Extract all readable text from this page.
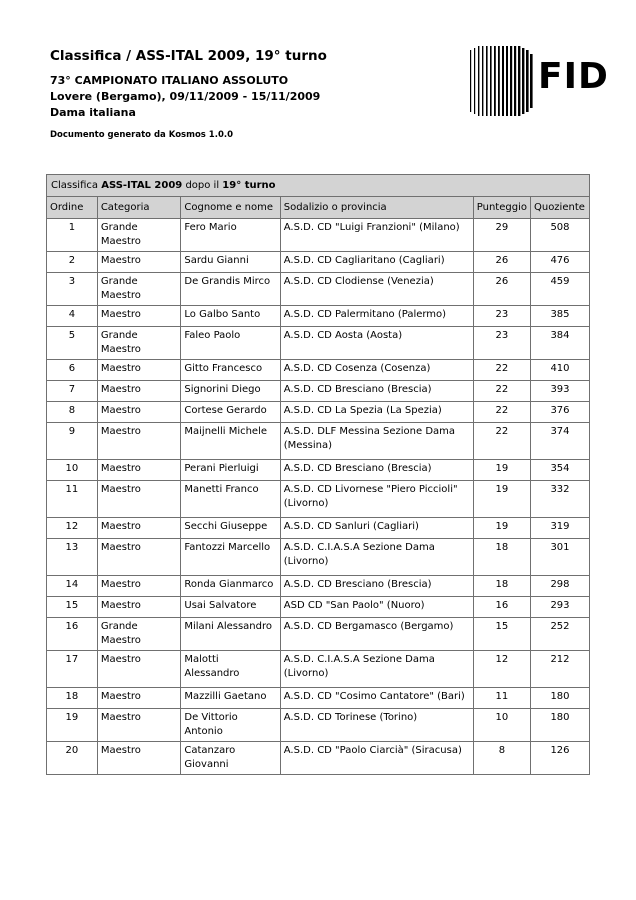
Classifica / ASS-ITAL 2009, 19° turno
73° CAMPIONATO ITALIANO ASSOLUTO
Lovere (Bergamo), 09/11/2009 - 15/11/2009
Dama italiana
Documento generato da Kosmos 1.0.0
FID
Classifica ASS-ITAL 2009 dopo il 19° turno					
Ordine	Categoria	Cognome e nome	Sodalizio o provincia	Punteggio	Quoziente
1	Grande Maestro	Fero Mario	A.S.D. CD "Luigi Franzioni" (Milano)	29	508
2	Maestro	Sardu Gianni	A.S.D. CD Cagliaritano (Cagliari)	26	476
3	Grande Maestro	De Grandis Mirco	A.S.D. CD Clodiense (Venezia)	26	459
4	Maestro	Lo Galbo Santo	A.S.D. CD Palermitano (Palermo)	23	385
5	Grande Maestro	Faleo Paolo	A.S.D. CD Aosta (Aosta)	23	384
6	Maestro	Gitto Francesco	A.S.D. CD Cosenza (Cosenza)	22	410
7	Maestro	Signorini Diego	A.S.D. CD Bresciano (Brescia)	22	393
8	Maestro	Cortese Gerardo	A.S.D. CD La Spezia (La Spezia)	22	376
9	Maestro	Maijnelli Michele	A.S.D. DLF Messina Sezione Dama (Messina)	22	374
10	Maestro	Perani Pierluigi	A.S.D. CD Bresciano (Brescia)	19	354
11	Maestro	Manetti Franco	A.S.D. CD Livornese "Piero Piccioli" (Livorno)	19	332
12	Maestro	Secchi Giuseppe	A.S.D. CD Sanluri (Cagliari)	19	319
13	Maestro	Fantozzi Marcello	A.S.D. C.I.A.S.A Sezione Dama (Livorno)	18	301
14	Maestro	Ronda Gianmarco	A.S.D. CD Bresciano (Brescia)	18	298
15	Maestro	Usai Salvatore	ASD CD "San Paolo" (Nuoro)	16	293
16	Grande Maestro	Milani Alessandro	A.S.D. CD Bergamasco (Bergamo)	15	252
17	Maestro	Malotti Alessandro	A.S.D. C.I.A.S.A Sezione Dama (Livorno)	12	212
18	Maestro	Mazzilli Gaetano	A.S.D. CD "Cosimo Cantatore" (Bari)	11	180
19	Maestro	De Vittorio Antonio	A.S.D. CD Torinese (Torino)	10	180
20	Maestro	Catanzaro Giovanni	A.S.D. CD "Paolo Ciarcià" (Siracusa)	8	126
